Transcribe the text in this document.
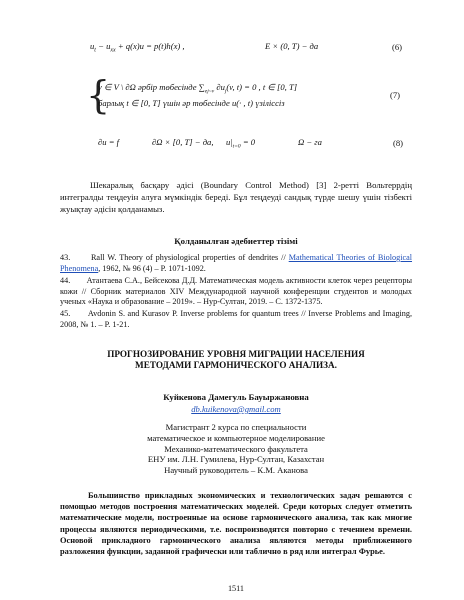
$u_t - u_{xx} + q(x)u = p(t)h(x)$ ,	E × (0, T) − да	(6)
{
v ∈ V \ ∂Ω әрбір төбесінде $\sum_{ej\sim v}$ $\partial u_j(v$, t) = 0 , t ∈ [0, T]
барлық t ∈ [0, T] үшін әр төбесінде u(· , t) үзіліссіз
(7)
∂u = f	∂Ω × [0, T] − да, $u|_{t=0} = 0$	Ω − га	(8)
Шекаралық басқару әдісі (Boundary Control Method) [3] 2-ретті Вольтеррдің интегралды теңдеуін алуға мүмкіндік береді. Бұл теңдеуді сандық түрде шешу үшін тізбекті жуықтау әдісін қолданамыз.
Қолданылған әдебиеттер тізімі
43.	Rall W. Theory of physiological properties of dendrites // Mathematical Theories of Biological Phenomena, 1962, № 96 (4) – P. 1071-1092.
44. Атантаева С.А., Бейсекова Д.Д. Математическая модель активности клеток через рецепторы кожи // Сборник материалов XIV Международной научной конференции студентов и молодых ученых «Наука и образование – 2019». – Нур-Султан, 2019. – С. 1372-1375.
45. Avdonin S. and Kurasov P. Inverse problems for quantum trees // Inverse Problems and Imaging, 2008, № 1. – P. 1-21.
ПРОГНОЗИРОВАНИЕ УРОВНЯ МИГРАЦИИ НАСЕЛЕНИЯ
МЕТОДАМИ ГАРМОНИЧЕСКОГО АНАЛИЗА.
Куйкенова Дамегуль Бауыржановна
db.kuikenova@gmail.com
Магистрант 2 курса по специальности
математическое и компьютерное моделирование
Механико-математического факультета
ЕНУ им. Л.Н. Гумилева, Нур-Султан, Казахстан
Научный руководитель – К.М. Аканова
Большинство прикладных экономических и технологических задач решаются с помощью методов построения математических моделей. Среди которых следует отметить математические модели, построенные на основе гармонического анализа, так как многие процессы являются периодическими, т.е. воспроизводятся повторно с течением времени. Основой прикладного гармонического анализа являются методы приближенного разложения функции, заданной графически или таблично в ряд или интеграл Фурье.
1511
